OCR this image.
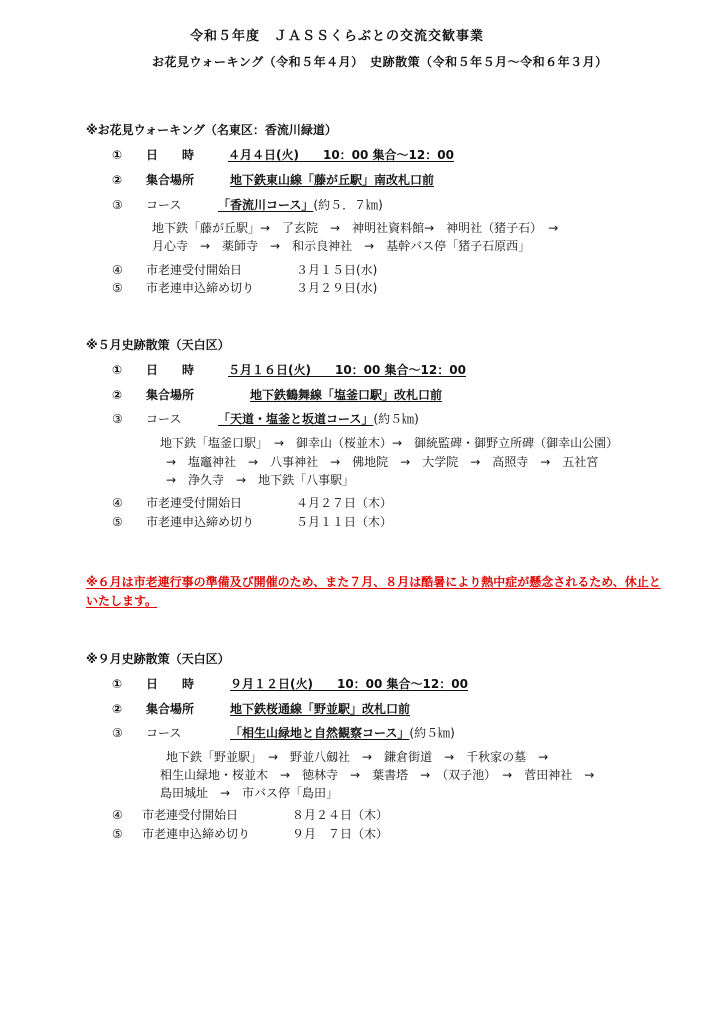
令和５年度　ＪＡＳＳくらぶとの交流交歓事業
お花見ウォーキング（令和５年４月）　史跡散策（令和５年５月～令和６年３月）
※お花見ウォーキング（名東区：香流川緑道）
① 日　　時	４月４日(火)　　10：00 集合～12：00
② 集合場所	地下鉄東山線「藤が丘駅」南改札口前
③ コース	「香流川コース」(約５．７㎞)
地下鉄「藤が丘駅」→　了玄院　→　神明社資料館→　神明社（猪子石）　→
月心寺　→　薬師寺　→　和示良神社　→　基幹バス停「猪子石原西」
④ 市老連受付開始日	３月１５日(水)
⑤ 市老連申込締め切り	３月２９日(水)
※５月史跡散策（天白区）
① 日　　時	５月１６日(火)　　10：00 集合～12：00
② 集合場所	地下鉄鶴舞線「塩釜口駅」改札口前
③ コース	「天道・塩釜と坂道コース」(約５㎞)
地下鉄「塩釜口駅」　→　御幸山（桜並木）→　御統監碑・御野立所碑（御幸山公園）
→　塩竈神社　→　八事神社　→　佛地院　→　大学院　→　高照寺　→　五社宮
→　浄久寺　→　地下鉄「八事駅」
④ 市老連受付開始日	４月２７日（木）
⑤ 市老連申込締め切り	５月１１日（木）
※６月は市老連行事の準備及び開催のため、また７月、８月は酷暑により熱中症が懸念されるため、休止といたします。
※９月史跡散策（天白区）
① 日　　時	９月１２日(火)　　10：00 集合～12：00
② 集合場所	地下鉄桜通線「野並駅」改札口前
③ コース	「相生山緑地と自然観察コース」(約５㎞)
地下鉄「野並駅」　→　野並八劔社　→　鎌倉街道　→　千秋家の墓　→
相生山緑地・桜並木　→　徳林寺　→　葉書塔　→　（双子池）　→　菅田神社　→
島田城址　→　市バス停「島田」
④ 市老連受付開始日	８月２４日（木）
⑤ 市老連申込締め切り	９月　７日（木）
